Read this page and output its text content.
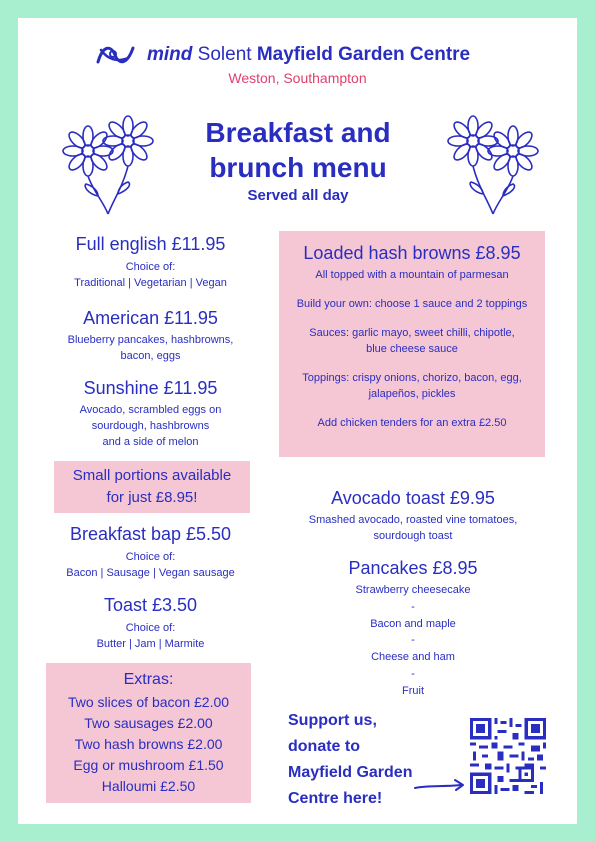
mind Solent Mayfield Garden Centre
Weston, Southampton
Breakfast and
brunch menu
Served all day
Full english £11.95
Choice of:
Traditional | Vegetarian | Vegan
American £11.95
Blueberry pancakes, hashbrowns,
bacon, eggs
Sunshine £11.95
Avocado, scrambled eggs on
sourdough, hashbrowns
and a side of melon
Small portions available
for just £8.95!
Breakfast bap £5.50
Choice of:
Bacon | Sausage | Vegan sausage
Toast £3.50
Choice of:
Butter | Jam | Marmite
Extras:
Two slices of bacon £2.00
Two sausages £2.00
Two hash browns £2.00
Egg or mushroom £1.50
Halloumi £2.50
Loaded hash browns £8.95
All topped with a mountain of parmesan
Build your own: choose 1 sauce and 2 toppings
Sauces: garlic mayo, sweet chilli, chipotle,
blue cheese sauce
Toppings: crispy onions, chorizo, bacon, egg,
jalapeños, pickles
Add chicken tenders for an extra £2.50
Avocado toast £9.95
Smashed avocado, roasted vine tomatoes,
sourdough toast
Pancakes £8.95
Strawberry cheesecake
-
Bacon and maple
-
Cheese and ham
-
Fruit
Support us,
donate to
Mayfield Garden
Centre here!
